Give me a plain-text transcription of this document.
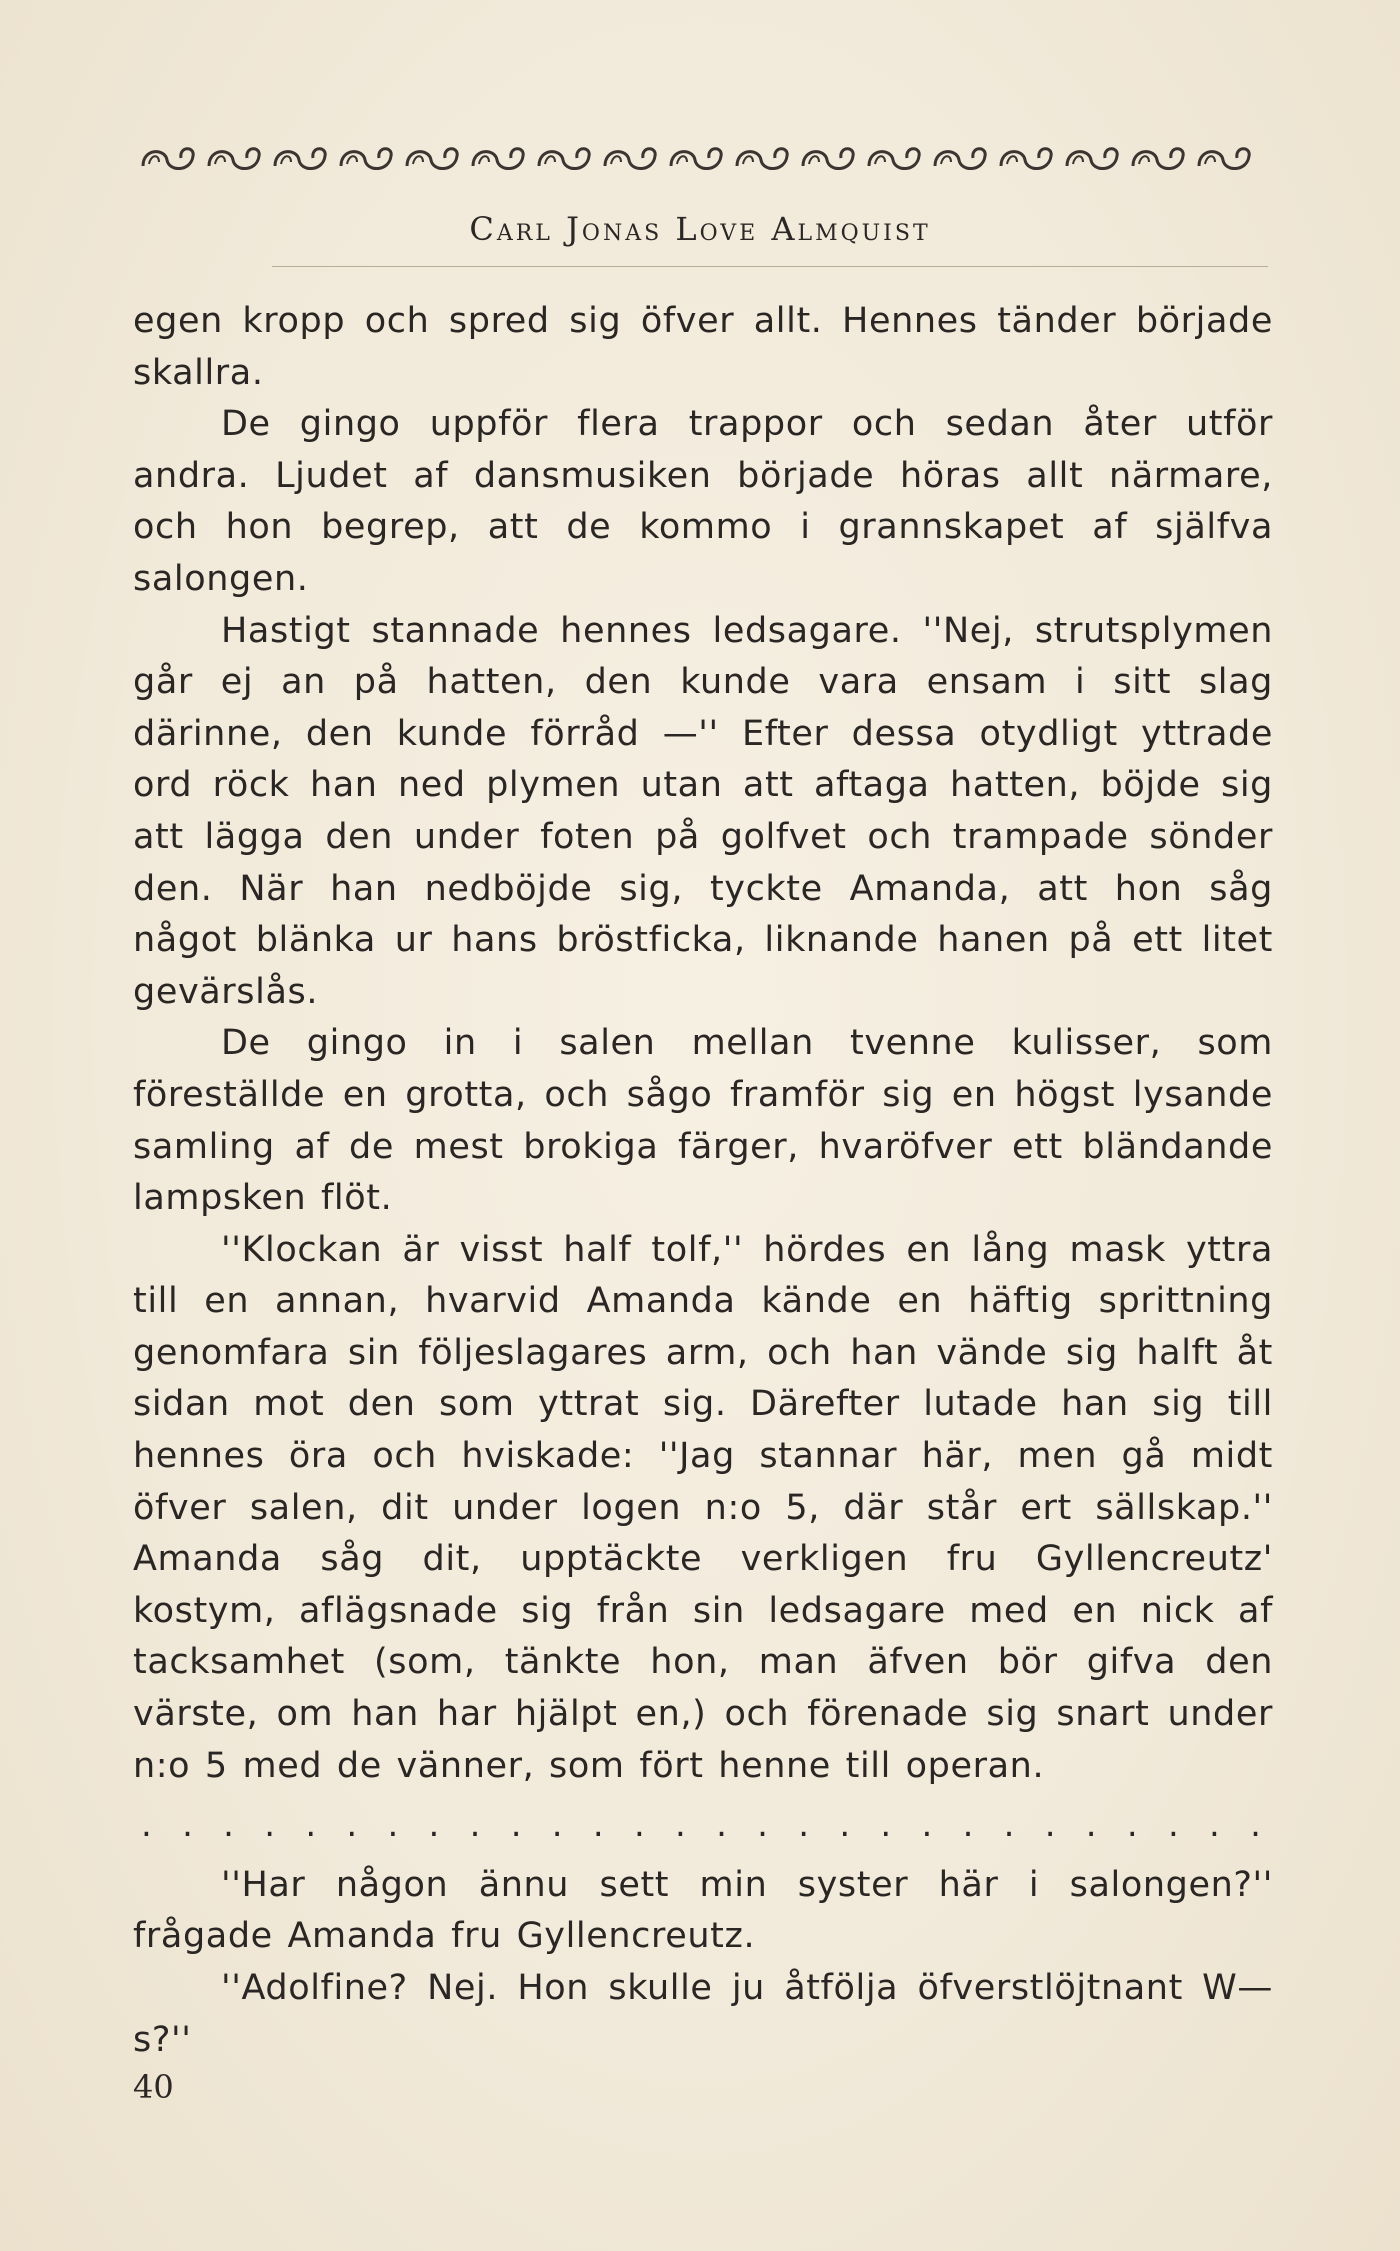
Carl Jonas Love Almquist

egen kropp och spred sig öfver allt. Hennes tänder började skallra.

De gingo uppför flera trappor och sedan åter utför andra. Ljudet af dansmusiken började höras allt närmare, och hon begrep, att de kommo i grannskapet af själfva salongen.

Hastigt stannade hennes ledsagare. ''Nej, strutsplymen går ej an på hatten, den kunde vara ensam i sitt slag därinne, den kunde förråd —'' Efter dessa otydligt yttrade ord röck han ned plymen utan att aftaga hatten, böjde sig att lägga den under foten på golfvet och trampade sönder den. När han nedböjde sig, tyckte Amanda, att hon såg något blänka ur hans bröstficka, liknande hanen på ett litet gevärslås.

De gingo in i salen mellan tvenne kulisser, som föreställde en grotta, och sågo framför sig en högst lysande samling af de mest brokiga färger, hvaröfver ett bländande lampsken flöt.

''Klockan är visst half tolf,'' hördes en lång mask yttra till en annan, hvarvid Amanda kände en häftig sprittning genomfara sin följeslagares arm, och han vände sig halft åt sidan mot den som yttrat sig. Därefter lutade han sig till hennes öra och hviskade: ''Jag stannar här, men gå midt öfver salen, dit under logen n:o 5, där står ert sällskap.'' Amanda såg dit, upptäckte verkligen fru Gyllencreutz' kostym, aflägsnade sig från sin ledsagare med en nick af tacksamhet (som, tänkte hon, man äfven bör gifva den värste, om han har hjälpt en,) och förenade sig snart under n:o 5 med de vänner, som fört henne till operan.

. . . . . . . . . . . . . . . . . . . . . . . . . . . .

''Har någon ännu sett min syster här i salongen?'' frågade Amanda fru Gyllencreutz.

''Adolfine? Nej. Hon skulle ju åtfölja öfverstlöjtnant W—s?''

40
